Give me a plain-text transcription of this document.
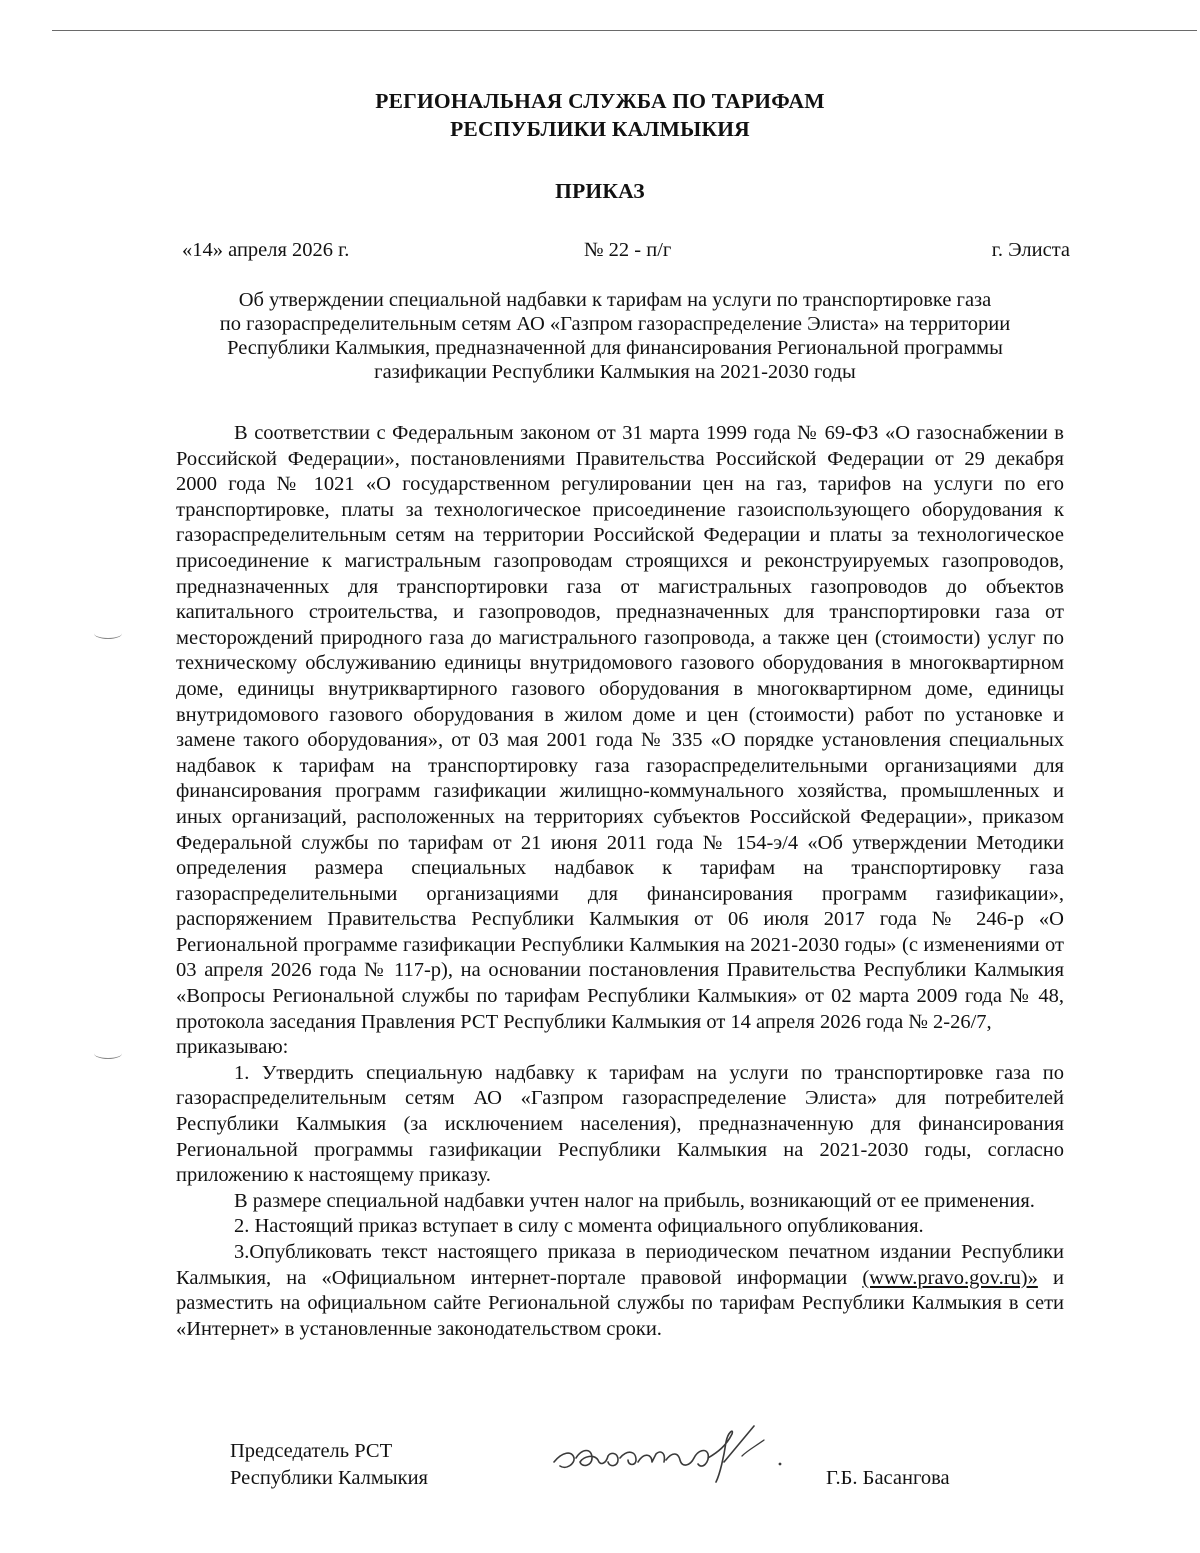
РЕГИОНАЛЬНАЯ СЛУЖБА ПО ТАРИФАМ
РЕСПУБЛИКИ КАЛМЫКИЯ
ПРИКАЗ
«14» апреля 2026 г.	№ 22 - п/г	г. Элиста
Об утверждении специальной надбавки к тарифам на услуги по транспортировке газа
по газораспределительным сетям АО «Газпром газораспределение Элиста» на территории
Республики Калмыкия, предназначенной для финансирования Региональной программы
газификации Республики Калмыкия на 2021-2030 годы

В соответствии с Федеральным законом от 31 марта 1999 года № 69-ФЗ «О газоснабжении в Российской Федерации», постановлениями Правительства Российской Федерации от 29 декабря 2000 года № 1021 «О государственном регулировании цен на газ, тарифов на услуги по его транспортировке, платы за технологическое присоединение газоиспользующего оборудования к газораспределительным сетям на территории Российской Федерации и платы за технологическое присоединение к магистральным газопроводам строящихся и реконструируемых газопроводов, предназначенных для транспортировки газа от магистральных газопроводов до объектов капитального строительства, и газопроводов, предназначенных для транспортировки газа от месторождений природного газа до магистрального газопровода, а также цен (стоимости) услуг по техническому обслуживанию единицы внутридомового газового оборудования в многоквартирном доме, единицы внутриквартирного газового оборудования в многоквартирном доме, единицы внутридомового газового оборудования в жилом доме и цен (стоимости) работ по установке и замене такого оборудования», от 03 мая 2001 года № 335 «О порядке установления специальных надбавок к тарифам на транспортировку газа газораспределительными организациями для финансирования программ газификации жилищно-коммунального хозяйства, промышленных и иных организаций, расположенных на территориях субъектов Российской Федерации», приказом Федеральной службы по тарифам от 21 июня 2011 года № 154-э/4 «Об утверждении Методики определения размера специальных надбавок к тарифам на транспортировку газа газораспределительными организациями для финансирования программ газификации», распоряжением Правительства Республики Калмыкия от 06 июля 2017 года № 246-р «О Региональной программе газификации Республики Калмыкия на 2021-2030 годы» (с изменениями от 03 апреля 2026 года № 117-р), на основании постановления Правительства Республики Калмыкия «Вопросы Региональной службы по тарифам Республики Калмыкия» от 02 марта 2009 года № 48, протокола заседания Правления РСТ Республики Калмыкия от 14 апреля 2026 года № 2-26/7,

приказываю:

1. Утвердить специальную надбавку к тарифам на услуги по транспортировке газа по газораспределительным сетям АО «Газпром газораспределение Элиста» для потребителей Республики Калмыкия (за исключением населения), предназначенную для финансирования Региональной программы газификации Республики Калмыкия на 2021-2030 годы, согласно приложению к настоящему приказу.

В размере специальной надбавки учтен налог на прибыль, возникающий от ее применения.

2. Настоящий приказ вступает в силу с момента официального опубликования.

3.Опубликовать текст настоящего приказа в периодическом печатном издании Республики Калмыкия, на «Официальном интернет-портале правовой информации (www.pravo.gov.ru)» и разместить на официальном сайте Региональной службы по тарифам Республики Калмыкия в сети «Интернет» в установленные законодательством сроки.

Председатель РСТ
Республики Калмыкия	Г.Б. Басангова
